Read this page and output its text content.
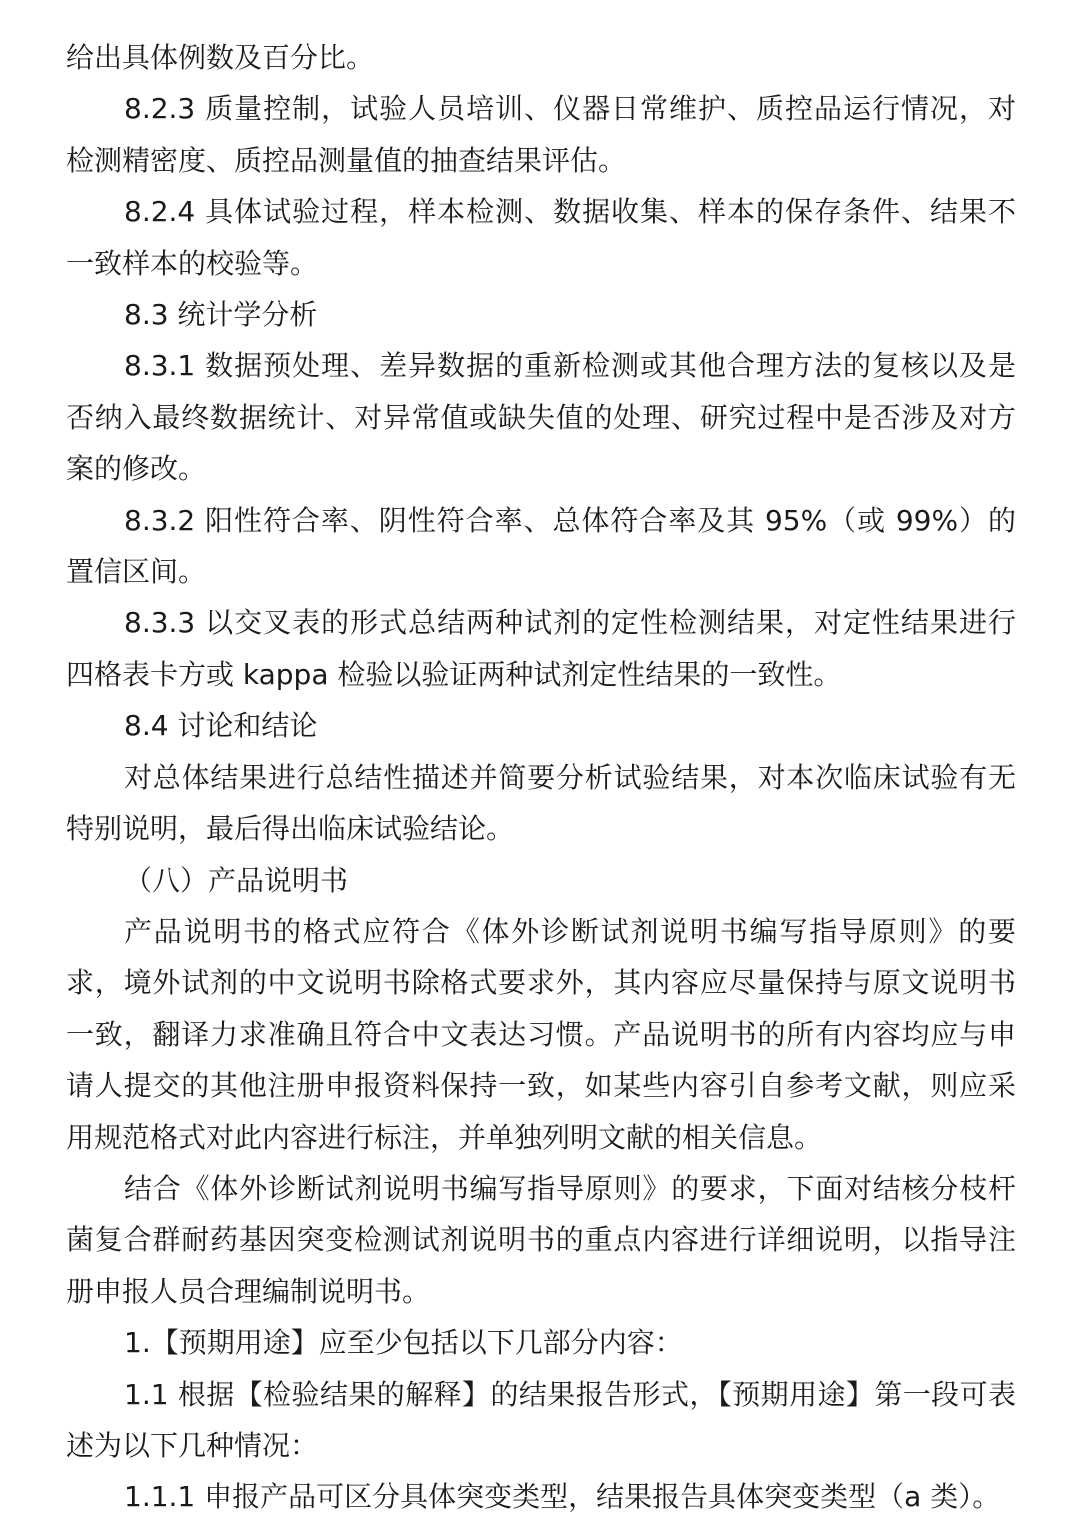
给出具体例数及百分比。

8.2.3 质量控制，试验人员培训、仪器日常维护、质控品运行情况，对检测精密度、质控品测量值的抽查结果评估。

8.2.4 具体试验过程，样本检测、数据收集、样本的保存条件、结果不一致样本的校验等。

8.3 统计学分析

8.3.1 数据预处理、差异数据的重新检测或其他合理方法的复核以及是否纳入最终数据统计、对异常值或缺失值的处理、研究过程中是否涉及对方案的修改。

8.3.2 阳性符合率、阴性符合率、总体符合率及其 95%（或 99%）的置信区间。

8.3.3 以交叉表的形式总结两种试剂的定性检测结果，对定性结果进行四格表卡方或 kappa 检验以验证两种试剂定性结果的一致性。

8.4 讨论和结论

对总体结果进行总结性描述并简要分析试验结果，对本次临床试验有无特别说明，最后得出临床试验结论。

（八）产品说明书

产品说明书的格式应符合《体外诊断试剂说明书编写指导原则》的要求，境外试剂的中文说明书除格式要求外，其内容应尽量保持与原文说明书一致，翻译力求准确且符合中文表达习惯。产品说明书的所有内容均应与申请人提交的其他注册申报资料保持一致，如某些内容引自参考文献，则应采用规范格式对此内容进行标注，并单独列明文献的相关信息。

结合《体外诊断试剂说明书编写指导原则》的要求，下面对结核分枝杆菌复合群耐药基因突变检测试剂说明书的重点内容进行详细说明，以指导注册申报人员合理编制说明书。

1.【预期用途】应至少包括以下几部分内容：

1.1 根据【检验结果的解释】的结果报告形式，【预期用途】第一段可表述为以下几种情况：

1.1.1 申报产品可区分具体突变类型，结果报告具体突变类型（a 类）。
